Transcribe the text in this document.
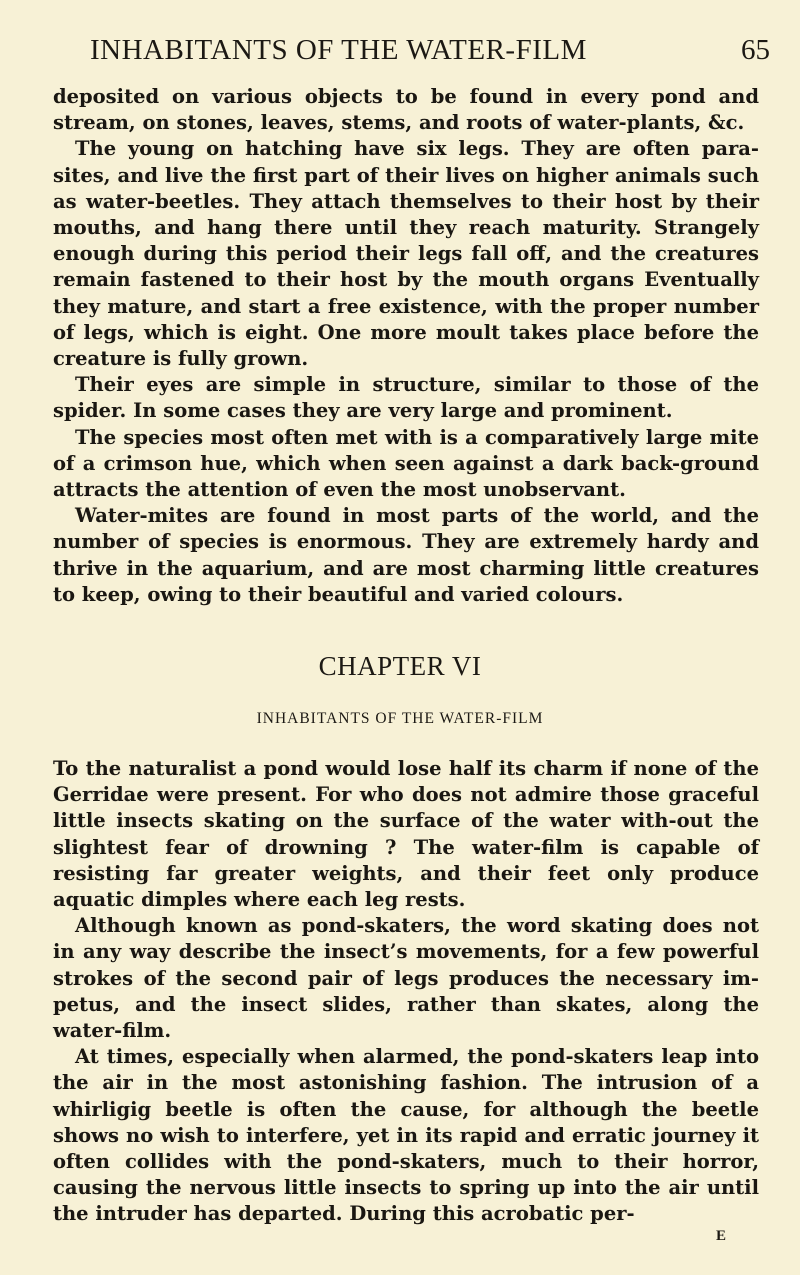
INHABITANTS OF THE WATER-FILM	65

deposited on various objects to be found in every pond and stream, on stones, leaves, stems, and roots of water-plants, &c.

The young on hatching have six legs. They are often para-sites, and live the first part of their lives on higher animals such as water-beetles. They attach themselves to their host by their mouths, and hang there until they reach maturity. Strangely enough during this period their legs fall off, and the creatures remain fastened to their host by the mouth organs Eventually they mature, and start a free existence, with the proper number of legs, which is eight. One more moult takes place before the creature is fully grown.

Their eyes are simple in structure, similar to those of the spider. In some cases they are very large and prominent.

The species most often met with is a comparatively large mite of a crimson hue, which when seen against a dark back-ground attracts the attention of even the most unobservant.

Water-mites are found in most parts of the world, and the number of species is enormous. They are extremely hardy and thrive in the aquarium, and are most charming little creatures to keep, owing to their beautiful and varied colours.

CHAPTER VI
INHABITANTS OF THE WATER-FILM

To the naturalist a pond would lose half its charm if none of the Gerridae were present. For who does not admire those graceful little insects skating on the surface of the water with-out the slightest fear of drowning ? The water-film is capable of resisting far greater weights, and their feet only produce aquatic dimples where each leg rests.

Although known as pond-skaters, the word skating does not in any way describe the insect’s movements, for a few powerful strokes of the second pair of legs produces the necessary im-petus, and the insect slides, rather than skates, along the water-film.

At times, especially when alarmed, the pond-skaters leap into the air in the most astonishing fashion. The intrusion of a whirligig beetle is often the cause, for although the beetle shows no wish to interfere, yet in its rapid and erratic journey it often collides with the pond-skaters, much to their horror, causing the nervous little insects to spring up into the air until the intruder has departed. During this acrobatic per-

E
